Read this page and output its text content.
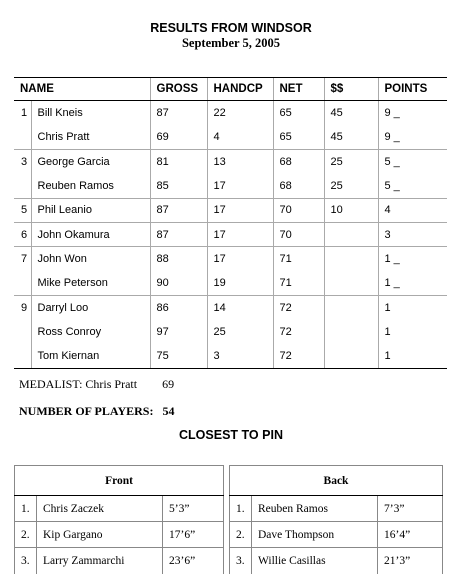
RESULTS FROM WINDSOR
September 5, 2005
NAME		GROSS	HANDCP	NET	$$	POINTS
1	Bill Kneis	87	22	65	45	9 _
	Chris Pratt	69	4	65	45	9 _
3	George Garcia	81	13	68	25	5 _
	Reuben Ramos	85	17	68	25	5 _
5	Phil Leanio	87	17	70	10	4
6	John Okamura	87	17	70		3
7	John Won	88	17	71		1 _
	Mike Peterson	90	19	71		1 _
9	Darryl Loo	86	14	72		1
	Ross Conroy	97	25	72		1
	Tom Kiernan	75	3	72		1
MEDALIST: Chris Pratt 69
NUMBER OF PLAYERS: 54
CLOSEST TO PIN
Front		
1.	Chris Zaczek	5’3”
2.	Kip Gargano	17’6”
3.	Larry Zammarchi	23’6”
Back		
1.	Reuben Ramos	7’3”
2.	Dave Thompson	16’4”
3.	Willie Casillas	21’3”
